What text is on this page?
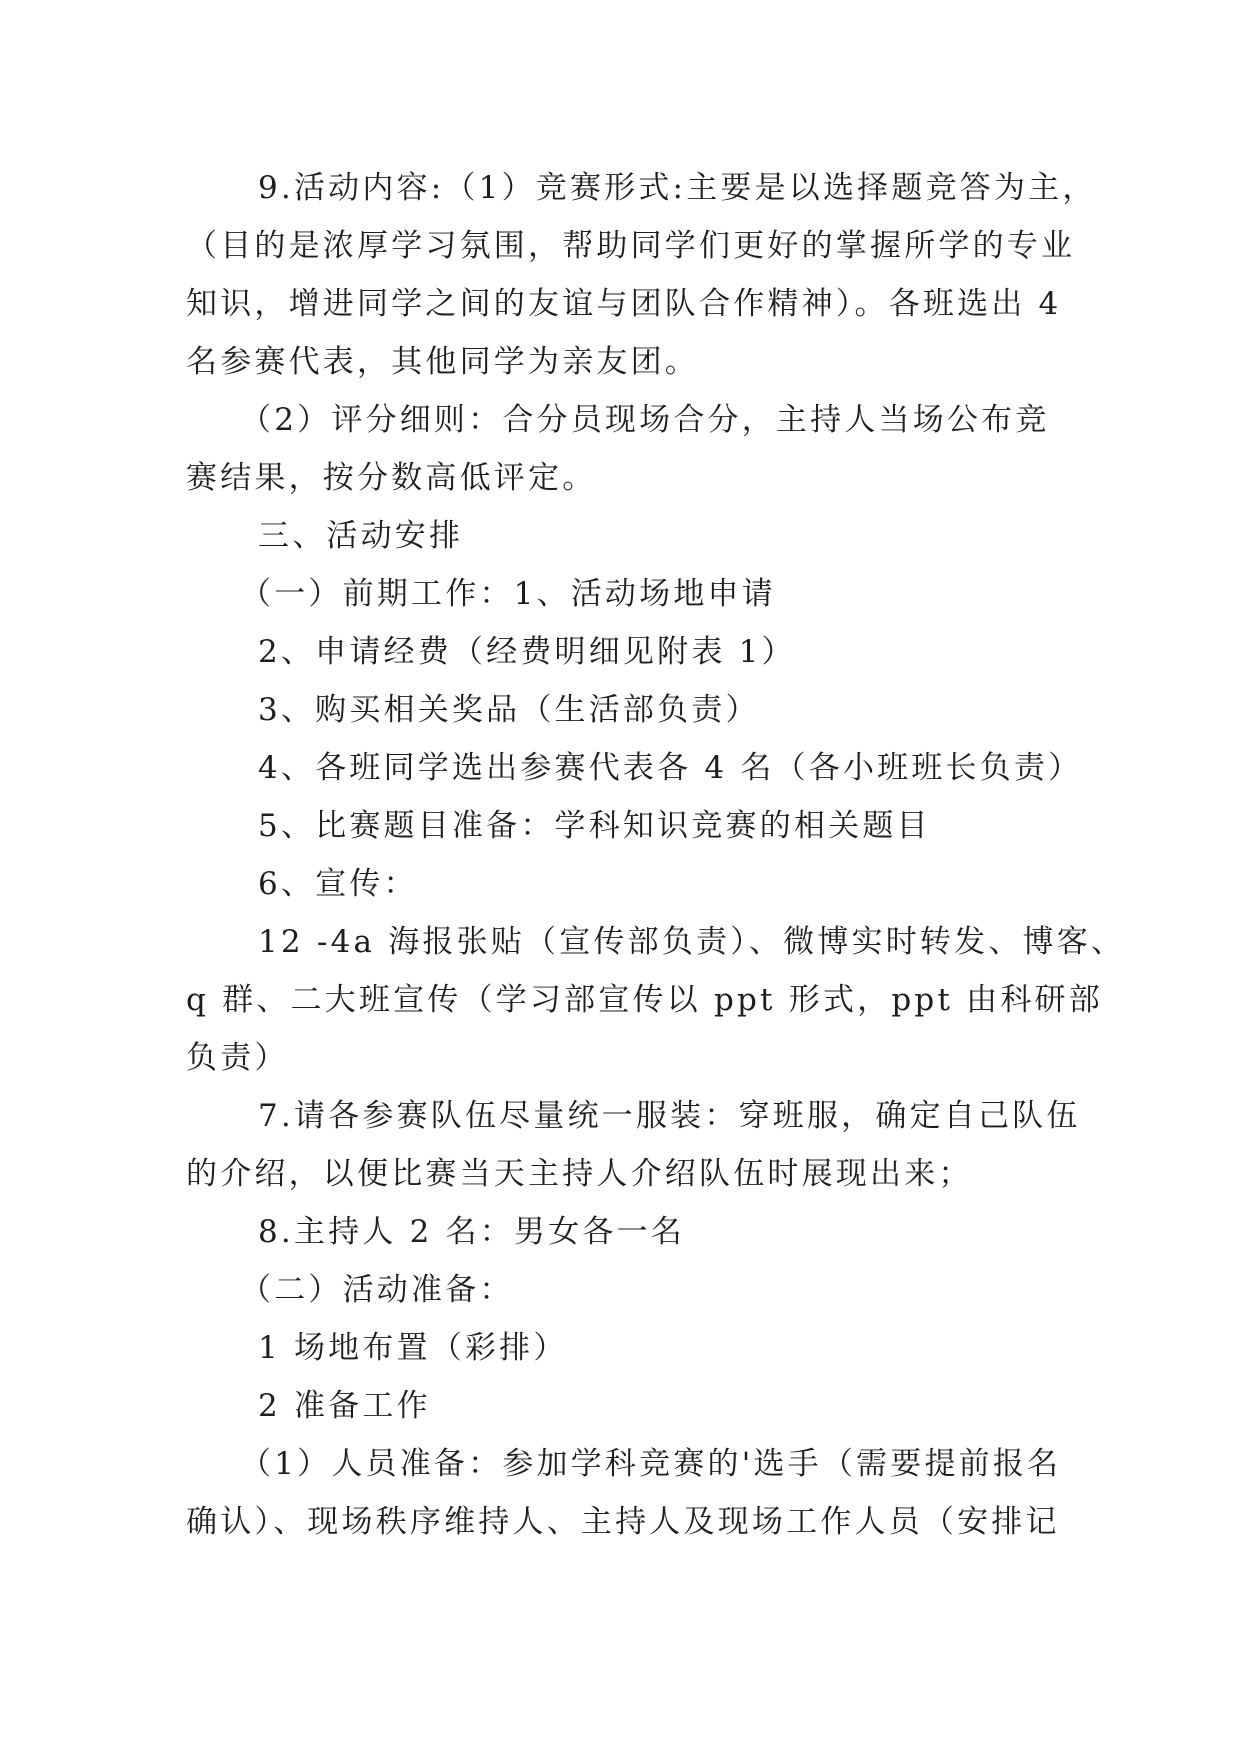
9.活动内容:（1）竞赛形式:主要是以选择题竞答为主，
（目的是浓厚学习氛围，帮助同学们更好的掌握所学的专业
知识，增进同学之间的友谊与团队合作精神）。各班选出 4
名参赛代表，其他同学为亲友团。
（2）评分细则：合分员现场合分，主持人当场公布竞
赛结果，按分数高低评定。
三、活动安排
（一）前期工作：1、活动场地申请
2、申请经费（经费明细见附表 1）
3、购买相关奖品（生活部负责）
4、各班同学选出参赛代表各 4 名（各小班班长负责）
5、比赛题目准备：学科知识竞赛的相关题目
6、宣传：
12 -4a 海报张贴（宣传部负责）、微博实时转发、博客、
q 群、二大班宣传（学习部宣传以 ppt 形式，ppt 由科研部
负责）
7.请各参赛队伍尽量统一服装：穿班服，确定自己队伍
的介绍，以便比赛当天主持人介绍队伍时展现出来；
8.主持人 2 名：男女各一名
（二）活动准备：
1 场地布置（彩排）
2 准备工作
（1）人员准备：参加学科竞赛的'选手（需要提前报名
确认）、现场秩序维持人、主持人及现场工作人员（安排记
